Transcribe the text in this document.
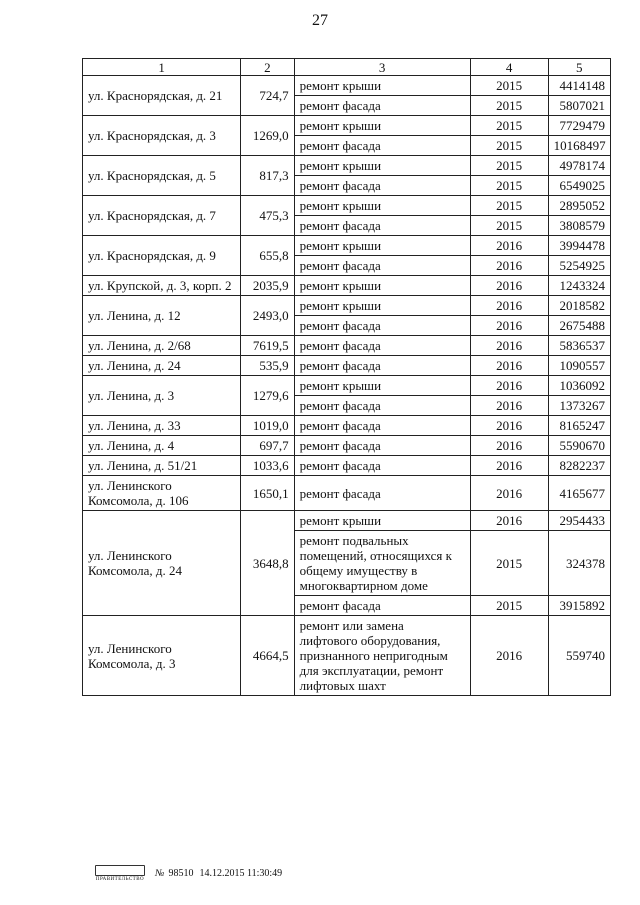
27
1	2	3	4	5
ул. Краснорядская, д. 21	724,7	ремонт крыши	2015	4414148
		ремонт фасада	2015	5807021
ул. Краснорядская, д. 3	1269,0	ремонт крыши	2015	7729479
		ремонт фасада	2015	10168497
ул. Краснорядская, д. 5	817,3	ремонт крыши	2015	4978174
		ремонт фасада	2015	6549025
ул. Краснорядская, д. 7	475,3	ремонт крыши	2015	2895052
		ремонт фасада	2015	3808579
ул. Краснорядская, д. 9	655,8	ремонт крыши	2016	3994478
		ремонт фасада	2016	5254925
ул. Крупской, д. 3, корп. 2	2035,9	ремонт крыши	2016	1243324
ул. Ленина, д. 12	2493,0	ремонт крыши	2016	2018582
		ремонт фасада	2016	2675488
ул. Ленина, д. 2/68	7619,5	ремонт фасада	2016	5836537
ул. Ленина, д. 24	535,9	ремонт фасада	2016	1090557
ул. Ленина, д. 3	1279,6	ремонт крыши	2016	1036092
		ремонт фасада	2016	1373267
ул. Ленина, д. 33	1019,0	ремонт фасада	2016	8165247
ул. Ленина, д. 4	697,7	ремонт фасада	2016	5590670
ул. Ленина, д. 51/21	1033,6	ремонт фасада	2016	8282237
ул. Ленинского Комсомола, д. 106	1650,1	ремонт фасада	2016	4165677
ул. Ленинского Комсомола, д. 24	3648,8	ремонт крыши	2016	2954433
		ремонт подвальных помещений, относящихся к общему имуществу в многоквартирном доме	2015	324378
		ремонт фасада	2015	3915892
ул. Ленинского Комсомола, д. 3	4664,5	ремонт или замена лифтового оборудования, признанного непригодным для эксплуатации, ремонт лифтовых шахт	2016	559740
ПРАВИТЕЛЬСТВО
№ 98510 14.12.2015 11:30:49
